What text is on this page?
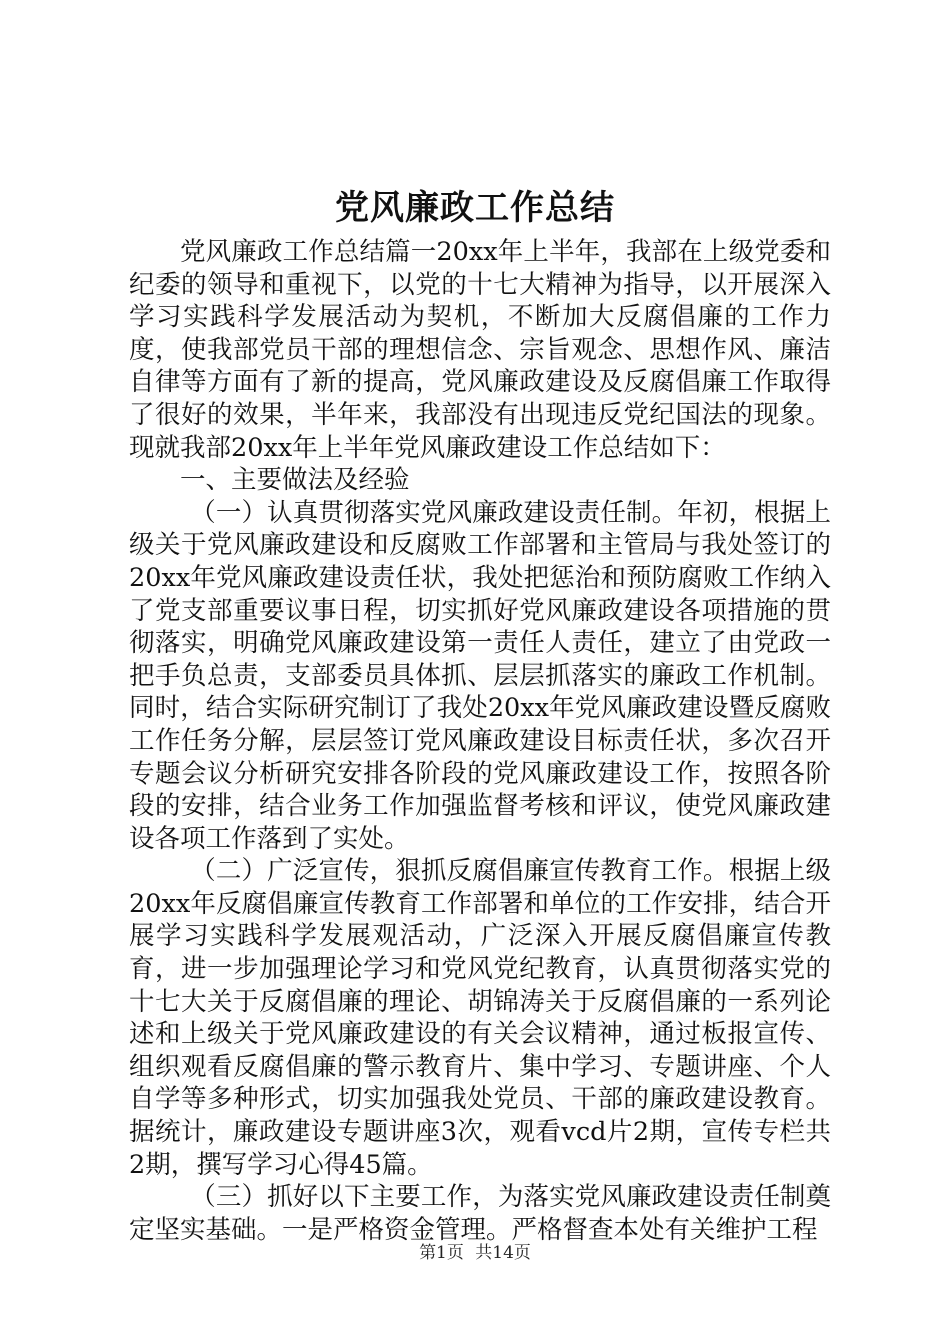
党风廉政工作总结

党风廉政工作总结篇一20xx年上半年，我部在上级党委和纪委的领导和重视下，以党的十七大精神为指导，以开展深入学习实践科学发展活动为契机，不断加大反腐倡廉的工作力度，使我部党员干部的理想信念、宗旨观念、思想作风、廉洁自律等方面有了新的提高，党风廉政建设及反腐倡廉工作取得了很好的效果，半年来，我部没有出现违反党纪国法的现象。现就我部20xx年上半年党风廉政建设工作总结如下：

一、主要做法及经验

（一）认真贯彻落实党风廉政建设责任制。年初，根据上级关于党风廉政建设和反腐败工作部署和主管局与我处签订的20xx年党风廉政建设责任状，我处把惩治和预防腐败工作纳入了党支部重要议事日程，切实抓好党风廉政建设各项措施的贯彻落实，明确党风廉政建设第一责任人责任，建立了由党政一把手负总责，支部委员具体抓、层层抓落实的廉政工作机制。同时，结合实际研究制订了我处20xx年党风廉政建设暨反腐败工作任务分解，层层签订党风廉政建设目标责任状，多次召开专题会议分析研究安排各阶段的党风廉政建设工作，按照各阶段的安排，结合业务工作加强监督考核和评议，使党风廉政建设各项工作落到了实处。

（二）广泛宣传，狠抓反腐倡廉宣传教育工作。根据上级20xx年反腐倡廉宣传教育工作部署和单位的工作安排，结合开展学习实践科学发展观活动，广泛深入开展反腐倡廉宣传教育，进一步加强理论学习和党风党纪教育，认真贯彻落实党的十七大关于反腐倡廉的理论、胡锦涛关于反腐倡廉的一系列论述和上级关于党风廉政建设的有关会议精神，通过板报宣传、组织观看反腐倡廉的警示教育片、集中学习、专题讲座、个人自学等多种形式，切实加强我处党员、干部的廉政建设教育。据统计，廉政建设专题讲座3次，观看vcd片2期，宣传专栏共2期，撰写学习心得45篇。

（三）抓好以下主要工作，为落实党风廉政建设责任制奠定坚实基础。一是严格资金管理。严格督查本处有关维护工程

第1页 共14页
